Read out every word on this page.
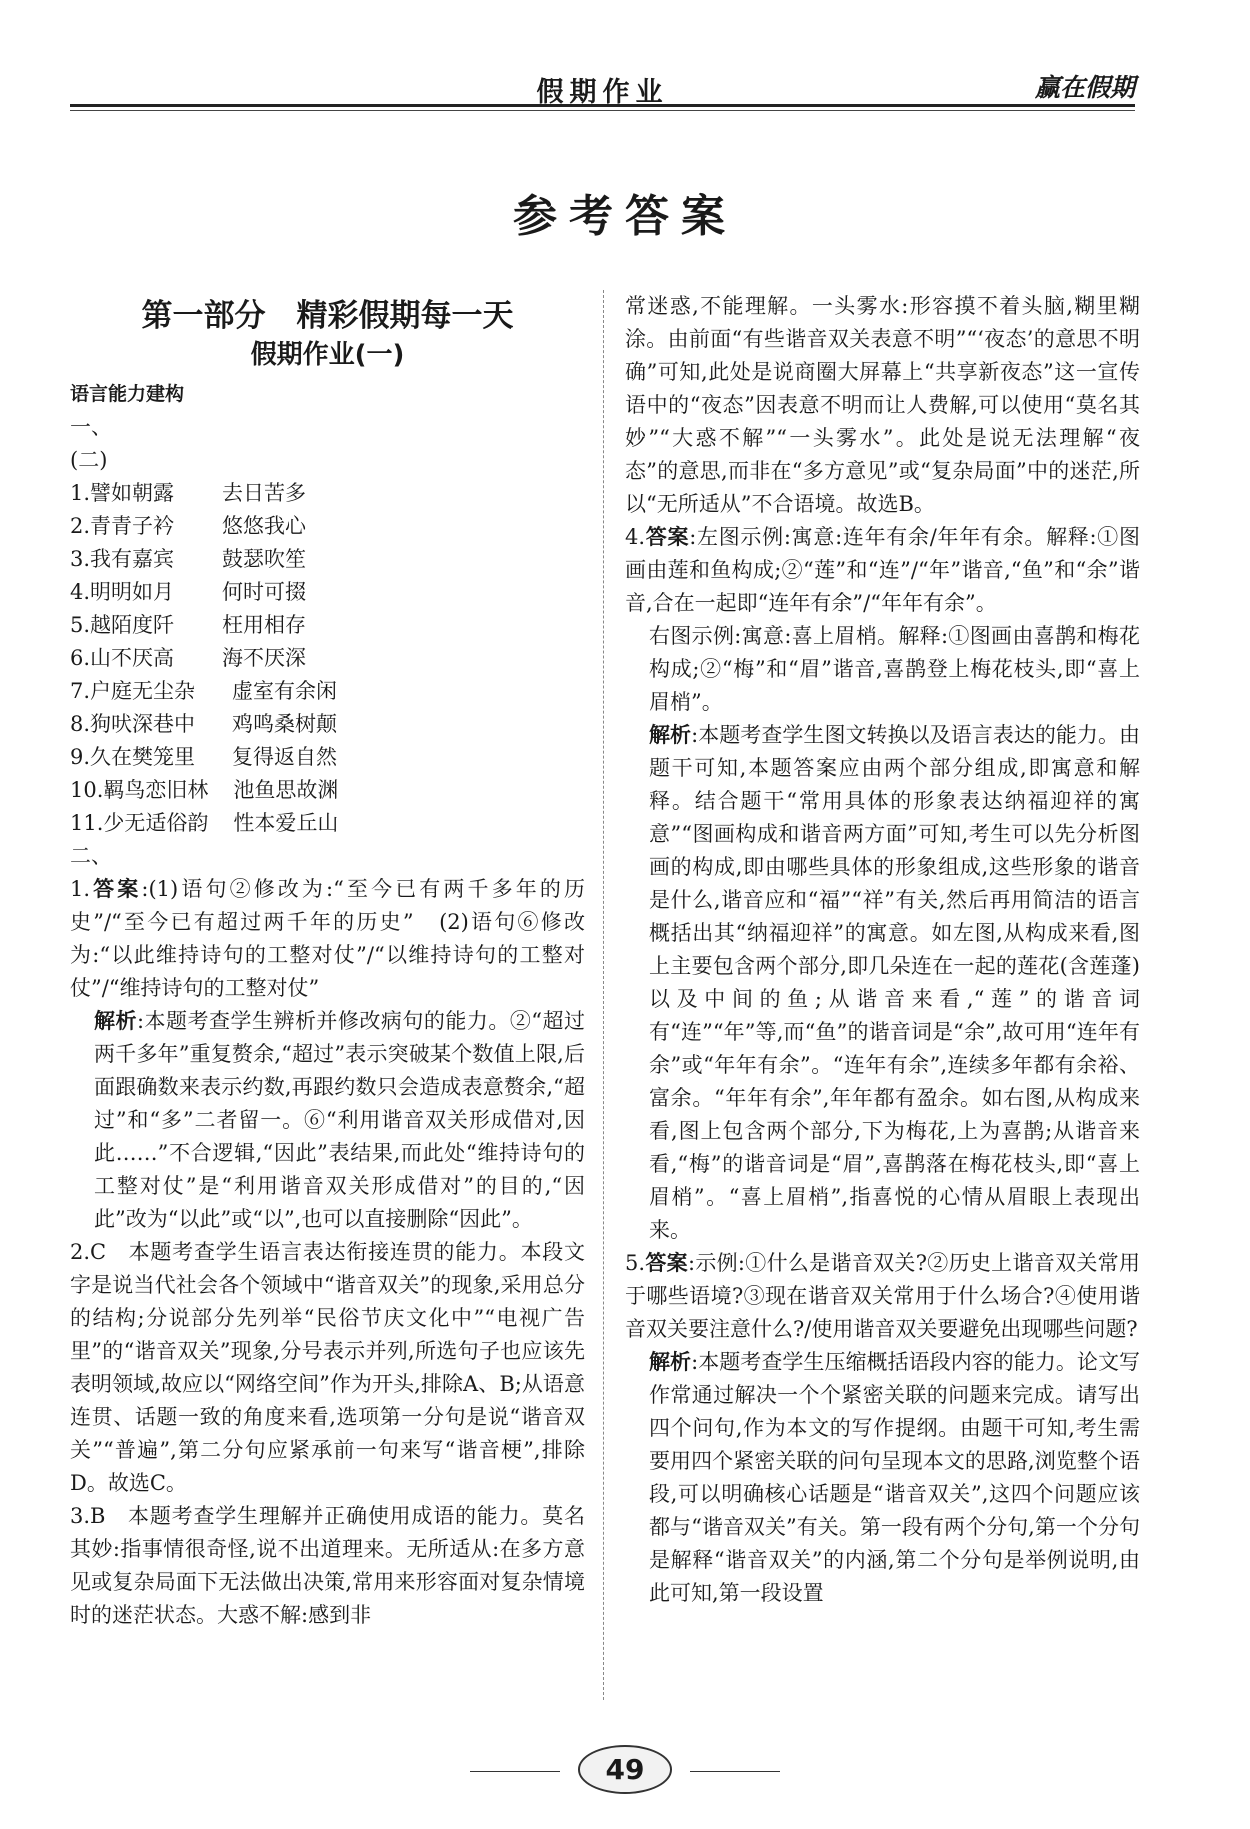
假期作业	赢在假期
参考答案
第一部分　精彩假期每一天
假期作业(一)
语言能力建构
一、
(二)
1. 譬如朝露	去日苦多
2. 青青子衿	悠悠我心
3. 我有嘉宾	鼓瑟吹笙
4. 明明如月	何时可掇
5. 越陌度阡	枉用相存
6. 山不厌高	海不厌深
7. 户庭无尘杂	虚室有余闲
8. 狗吠深巷中	鸡鸣桑树颠
9. 久在樊笼里	复得返自然
10. 羁鸟恋旧林	池鱼思故渊
11. 少无适俗韵	性本爱丘山
二、

1.答案:(1)语句②修改为:“至今已有两千多年的历史”/“至今已有超过两千年的历史”　(2)语句⑥修改为:“以此维持诗句的工整对仗”/“以维持诗句的工整对仗”/“维持诗句的工整对仗”

解析:本题考查学生辨析并修改病句的能力。②“超过两千多年”重复赘余,“超过”表示突破某个数值上限,后面跟确数来表示约数,再跟约数只会造成表意赘余,“超过”和“多”二者留一。⑥“利用谐音双关形成借对,因此……”不合逻辑,“因此”表结果,而此处“维持诗句的工整对仗”是“利用谐音双关形成借对”的目的,“因此”改为“以此”或“以”,也可以直接删除“因此”。

2.C　本题考查学生语言表达衔接连贯的能力。本段文字是说当代社会各个领域中“谐音双关”的现象,采用总分的结构;分说部分先列举“民俗节庆文化中”“电视广告里”的“谐音双关”现象,分号表示并列,所选句子也应该先表明领域,故应以“网络空间”作为开头,排除A、B;从语意连贯、话题一致的角度来看,选项第一分句是说“谐音双关”“普遍”,第二分句应紧承前一句来写“谐音梗”,排除D。故选C。

3.B　本题考查学生理解并正确使用成语的能力。莫名其妙:指事情很奇怪,说不出道理来。无所适从:在多方意见或复杂局面下无法做出决策,常用来形容面对复杂情境时的迷茫状态。大惑不解:感到非

常迷惑,不能理解。一头雾水:形容摸不着头脑,糊里糊涂。由前面“有些谐音双关表意不明”“‘夜态’的意思不明确”可知,此处是说商圈大屏幕上“共享新夜态”这一宣传语中的“夜态”因表意不明而让人费解,可以使用“莫名其妙”“大惑不解”“一头雾水”。此处是说无法理解“夜态”的意思,而非在“多方意见”或“复杂局面”中的迷茫,所以“无所适从”不合语境。故选B。

4.答案:左图示例:寓意:连年有余/年年有余。解释:①图画由莲和鱼构成;②“莲”和“连”/“年”谐音,“鱼”和“余”谐音,合在一起即“连年有余”/“年年有余”。

右图示例:寓意:喜上眉梢。解释:①图画由喜鹊和梅花构成;②“梅”和“眉”谐音,喜鹊登上梅花枝头,即“喜上眉梢”。

解析:本题考查学生图文转换以及语言表达的能力。由题干可知,本题答案应由两个部分组成,即寓意和解释。结合题干“常用具体的形象表达纳福迎祥的寓意”“图画构成和谐音两方面”可知,考生可以先分析图画的构成,即由哪些具体的形象组成,这些形象的谐音是什么,谐音应和“福”“祥”有关,然后再用简洁的语言概括出其“纳福迎祥”的寓意。如左图,从构成来看,图上主要包含两个部分,即几朵连在一起的莲花(含莲蓬)以及中间的鱼;从谐音来看,“莲”的谐音词有“连”“年”等,而“鱼”的谐音词是“余”,故可用“连年有余”或“年年有余”。“连年有余”,连续多年都有余裕、富余。“年年有余”,年年都有盈余。如右图,从构成来看,图上包含两个部分,下为梅花,上为喜鹊;从谐音来看,“梅”的谐音词是“眉”,喜鹊落在梅花枝头,即“喜上眉梢”。“喜上眉梢”,指喜悦的心情从眉眼上表现出来。

5.答案:示例:①什么是谐音双关?②历史上谐音双关常用于哪些语境?③现在谐音双关常用于什么场合?④使用谐音双关要注意什么?/使用谐音双关要避免出现哪些问题?

解析:本题考查学生压缩概括语段内容的能力。论文写作常通过解决一个个紧密关联的问题来完成。请写出四个问句,作为本文的写作提纲。由题干可知,考生需要用四个紧密关联的问句呈现本文的思路,浏览整个语段,可以明确核心话题是“谐音双关”,这四个问题应该都与“谐音双关”有关。第一段有两个分句,第一个分句是解释“谐音双关”的内涵,第二个分句是举例说明,由此可知,第一段设置

49
